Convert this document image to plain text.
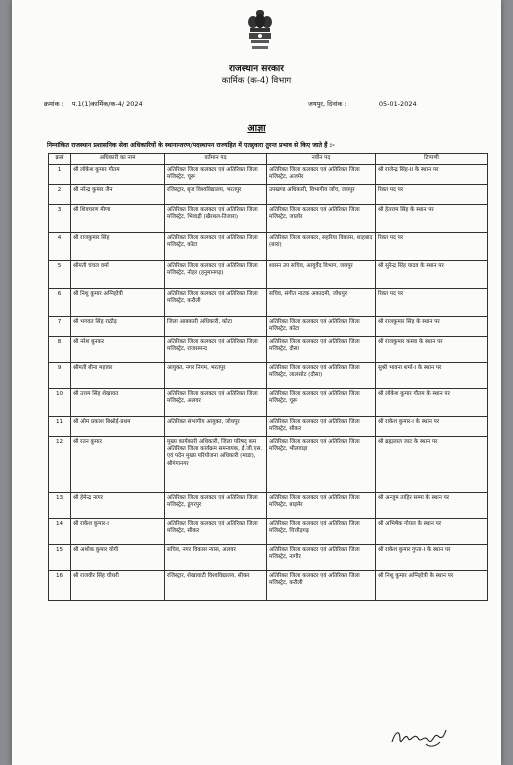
राजस्थान सरकार
कार्मिक (क-4) विभाग
क्रमांक : प.1(1)कार्मिक/क-4/ 2024	जयपुर, दिनांक :	05-01-2024
आज्ञा
निम्नांकित राजस्थान प्रशासनिक सेवा अधिकारियों के स्थानान्तरण/पदस्थापन राज्यहित में एतद्द्वारा तुरन्त प्रभाव से किए जाते हैं :-
क्रसं	अधिकारी का नाम	वर्तमान पद	नवीन पद	टिप्पणी
1	श्री लोकेश कुमार गौतम	अतिरिक्त जिला कलक्टर एवं अतिरिक्त जिला मजिस्ट्रेट, चूरू	अतिरिक्त जिला कलक्टर एवं अतिरिक्त जिला मजिस्ट्रेट, अजमेर	श्री राजेन्द्र सिंह-II के स्थान पर
2	श्री नरेन्द्र कुमार जैन	रजिस्ट्रार, बृज विश्वविद्यालय, भरतपुर	उपखण्ड अधिकारी, विभागीय जाँच, जयपुर	रिक्त पद पर
3	श्री शिवचरण मीणा	अतिरिक्त जिला कलक्टर एवं अतिरिक्त जिला मजिस्ट्रेट, भिवाड़ी (खैरथल-तिजारा)	अतिरिक्त जिला कलक्टर एवं अतिरिक्त जिला मजिस्ट्रेट, जालोर	श्री हेतराम सिंह के स्थान पर
4	श्री राजकुमार सिंह	अतिरिक्त जिला कलक्टर एवं अतिरिक्त जिला मजिस्ट्रेट, कोटा	अतिरिक्त जिला कलक्टर, सहरिया विकास, शाहबाद (बारां)	रिक्त पद पर
5	श्रीमती चंचल वर्मा	अतिरिक्त जिला कलक्टर एवं अतिरिक्त जिला मजिस्ट्रेट, नोहर (हनुमानगढ़)	शासन उप सचिव, आयुर्वेद विभाग, जयपुर	श्री सुरेन्द्र सिंह यादव के स्थान पर
6	श्री निशु कुमार अग्निहोत्री	अतिरिक्त जिला कलक्टर एवं अतिरिक्त जिला मजिस्ट्रेट, करौली	सचिव, संगीत नाटक अकादमी, जोधपुर	रिक्त पद पर
7	श्री भगवत सिंह राठौड़	जिला आबकारी अधिकारी, कोटा	अतिरिक्त जिला कलक्टर एवं अतिरिक्त जिला मजिस्ट्रेट, कोटा	श्री राजकुमार सिंह के स्थान पर
8	श्री नरेश बुनकर	अतिरिक्त जिला कलक्टर एवं अतिरिक्त जिला मजिस्ट्रेट, राजसमन्द	अतिरिक्त जिला कलक्टर एवं अतिरिक्त जिला मजिस्ट्रेट, दौसा	श्री राजकुमार कस्वा के स्थान पर
9	श्रीमती बीना महावर	आयुक्त, नगर निगम, भरतपुर	अतिरिक्त जिला कलक्टर एवं अतिरिक्त जिला मजिस्ट्रेट, लालसोट (दौसा)	सुश्री भावना शर्मा-I के स्थान पर
10	श्री उत्तम सिंह शेखावत	अतिरिक्त जिला कलक्टर एवं अतिरिक्त जिला मजिस्ट्रेट, अलवर	अतिरिक्त जिला कलक्टर एवं अतिरिक्त जिला मजिस्ट्रेट, चूरू	श्री लोकेश कुमार गौतम के स्थान पर
11	श्री ओम प्रकाश बिश्नोई-प्रथम	अतिरिक्त संभागीय आयुक्त, जोधपुर	अतिरिक्त जिला कलक्टर एवं अतिरिक्त जिला मजिस्ट्रेट, सीकर	श्री राकेश कुमार-I के स्थान पर
12	श्री रतन कुमार	मुख्य कार्यकारी अधिकारी, जिला परिषद् कम अतिरिक्त जिला कार्यक्रम समन्वयक, ई.जी.एस. एवं पदेन मुख्य परियोजना अधिकारी (माडा), श्रीगंगानगर	अतिरिक्त जिला कलक्टर एवं अतिरिक्त जिला मजिस्ट्रेट, भीलवाड़ा	श्री ब्रह्मलाल जाट के स्थान पर
13	श्री हेमेन्द्र नागर	अतिरिक्त जिला कलक्टर एवं अतिरिक्त जिला मजिस्ट्रेट, डूंगरपुर	अतिरिक्त जिला कलक्टर एवं अतिरिक्त जिला मजिस्ट्रेट, बाड़मेर	श्री अन्जुम ताहिर सम्मा के स्थान पर
14	श्री राकेश कुमार-I	अतिरिक्त जिला कलक्टर एवं अतिरिक्त जिला मजिस्ट्रेट, सीकर	अतिरिक्त जिला कलक्टर एवं अतिरिक्त जिला मजिस्ट्रेट, चित्तौड़गढ़	श्री अभिषेक गोयल के स्थान पर
15	श्री अशोक कुमार योगी	सचिव, नगर विकास न्यास, अलवर	अतिरिक्त जिला कलक्टर एवं अतिरिक्त जिला मजिस्ट्रेट, नागौर	श्री राकेश कुमार गुप्ता-I के स्थान पर
16	श्री राजवीर सिंह चौधरी	रजिस्ट्रार, शेखावाटी विश्वविद्यालय, सीकर	अतिरिक्त जिला कलक्टर एवं अतिरिक्त जिला मजिस्ट्रेट, करौली	श्री निशु कुमार अग्निहोत्री के स्थान पर
